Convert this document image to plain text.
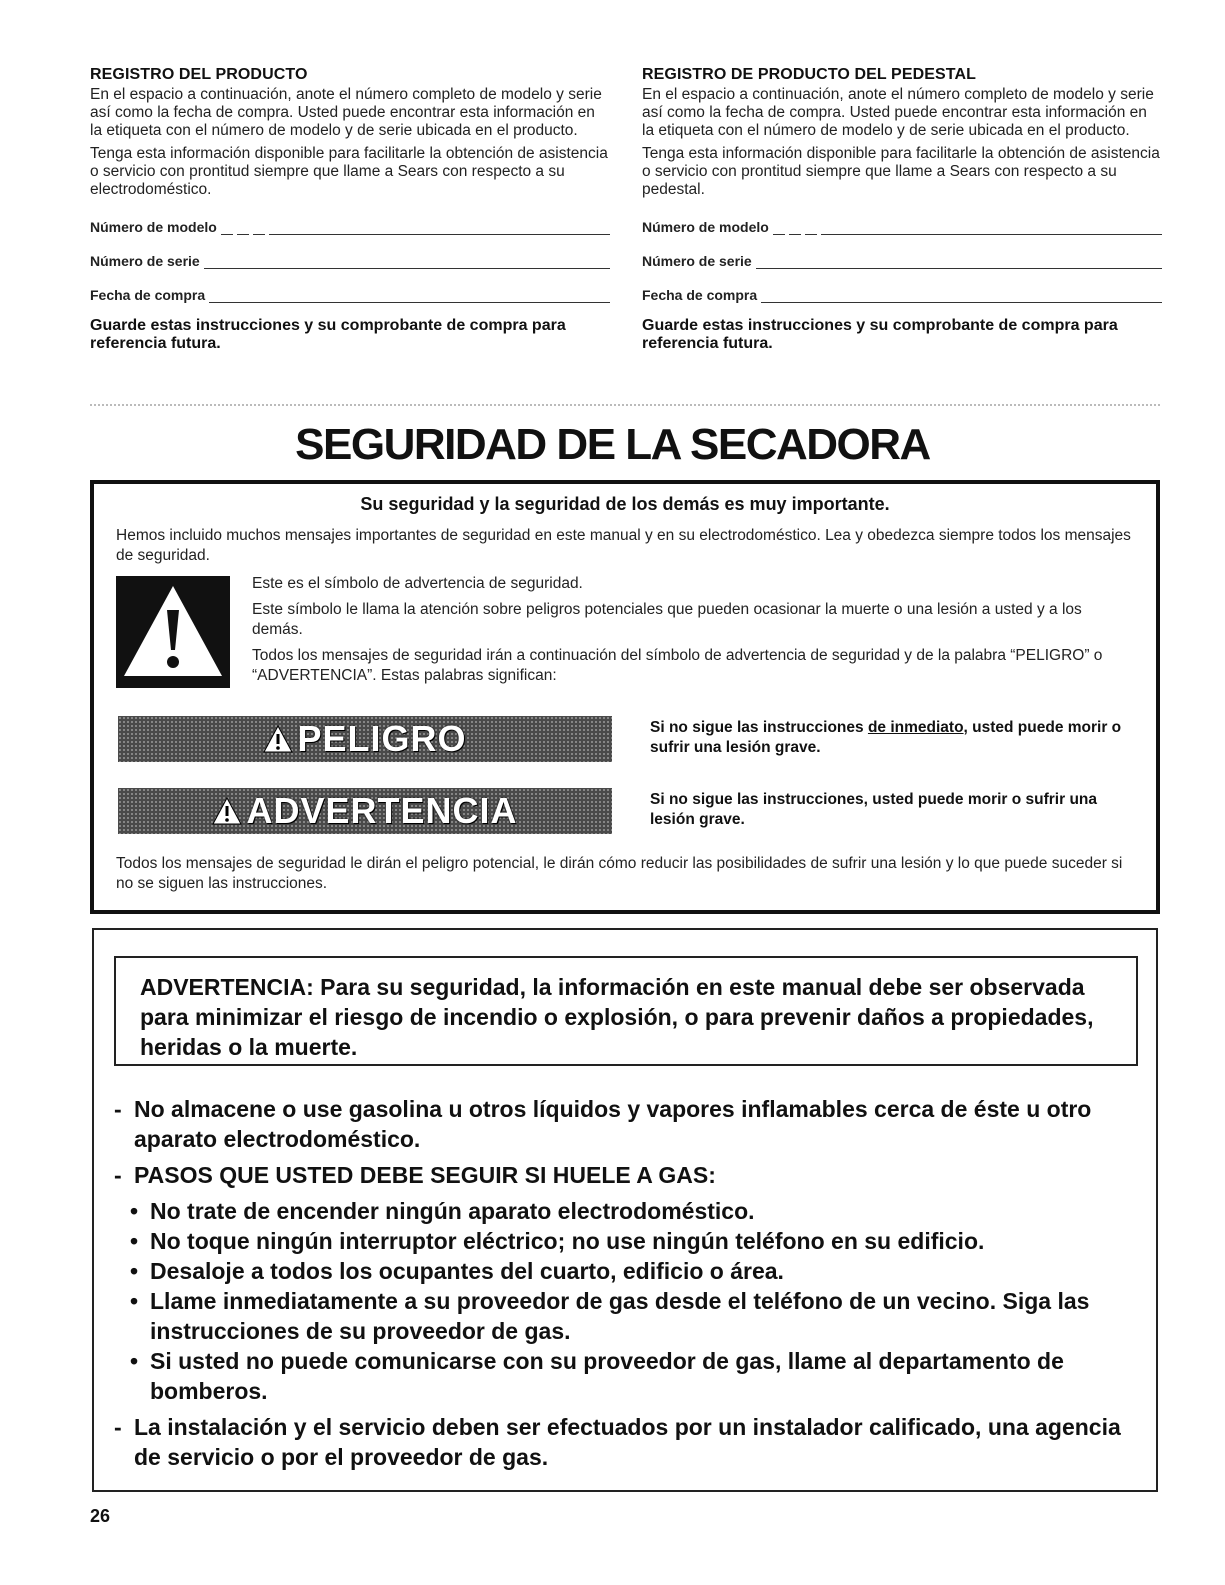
REGISTRO DEL PRODUCTO

En el espacio a continuación, anote el número completo de modelo y serie así como la fecha de compra. Usted puede encontrar esta información en la etiqueta con el número de modelo y de serie ubicada en el producto.

Tenga esta información disponible para facilitarle la obtención de asistencia o servicio con prontitud siempre que llame a Sears con respecto a su electrodoméstico.

Número de modelo
Número de serie
Fecha de compra
Guarde estas instrucciones y su comprobante de compra para referencia futura.
REGISTRO DE PRODUCTO DEL PEDESTAL

En el espacio a continuación, anote el número completo de modelo y serie así como la fecha de compra. Usted puede encontrar esta información en la etiqueta con el número de modelo y de serie ubicada en el producto.

Tenga esta información disponible para facilitarle la obtención de asistencia o servicio con prontitud siempre que llame a Sears con respecto a su pedestal.

Número de modelo
Número de serie
Fecha de compra
Guarde estas instrucciones y su comprobante de compra para referencia futura.
SEGURIDAD DE LA SECADORA
Su seguridad y la seguridad de los demás es muy importante.
Hemos incluido muchos mensajes importantes de seguridad en este manual y en su electrodoméstico. Lea y obedezca siempre todos los mensajes de seguridad.

Este es el símbolo de advertencia de seguridad.

Este símbolo le llama la atención sobre peligros potenciales que pueden ocasionar la muerte o una lesión a usted y a los demás.

Todos los mensajes de seguridad irán a continuación del símbolo de advertencia de seguridad y de la palabra “PELIGRO” o “ADVERTENCIA”. Estas palabras significan:

PELIGRO	Si no sigue las instrucciones de inmediato, usted puede morir o sufrir una lesión grave.
ADVERTENCIA	Si no sigue las instrucciones, usted puede morir o sufrir una lesión grave.
Todos los mensajes de seguridad le dirán el peligro potencial, le dirán cómo reducir las posibilidades de sufrir una lesión y lo que puede suceder si no se siguen las instrucciones.

ADVERTENCIA: Para su seguridad, la información en este manual debe ser observada para minimizar el riesgo de incendio o explosión, o para prevenir daños a propiedades, heridas o la muerte.

- No almacene o use gasolina u otros líquidos y vapores inflamables cerca de éste u otro aparato electrodoméstico.
- PASOS QUE USTED DEBE SEGUIR SI HUELE A GAS:
• No trate de encender ningún aparato electrodoméstico.
• No toque ningún interruptor eléctrico; no use ningún teléfono en su edificio.
• Desaloje a todos los ocupantes del cuarto, edificio o área.
• Llame inmediatamente a su proveedor de gas desde el teléfono de un vecino. Siga las instrucciones de su proveedor de gas.
• Si usted no puede comunicarse con su proveedor de gas, llame al departamento de bomberos.
- La instalación y el servicio deben ser efectuados por un instalador calificado, una agencia de servicio o por el proveedor de gas.
26
